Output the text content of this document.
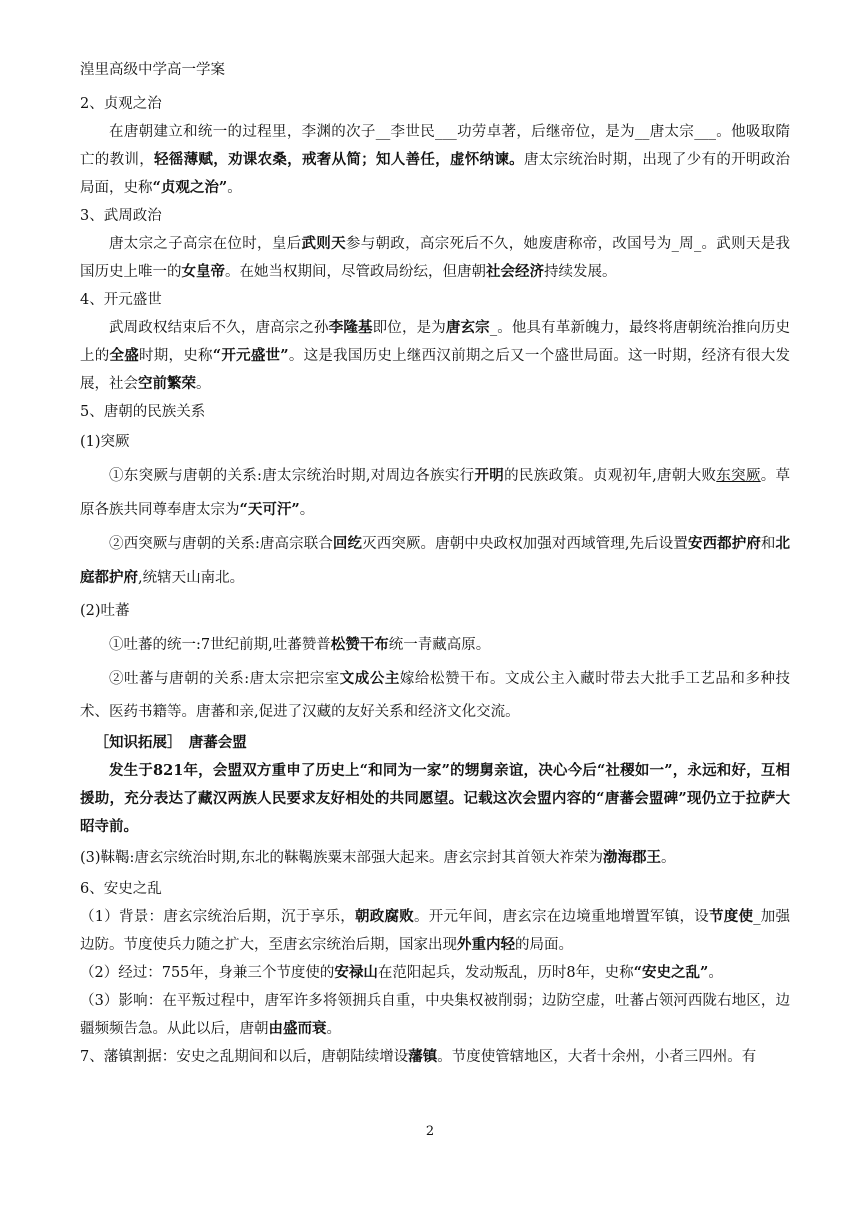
湟里高级中学高一学案
2、贞观之治

在唐朝建立和统一的过程里，李渊的次子__李世民___功劳卓著，后继帝位，是为__唐太宗___。他吸取隋亡的教训，轻徭薄赋，劝课农桑，戒奢从简；知人善任，虚怀纳谏。唐太宗统治时期，出现了少有的开明政治局面，史称“贞观之治”。

3、武周政治

唐太宗之子高宗在位时，皇后武则天参与朝政，高宗死后不久，她废唐称帝，改国号为_周_。武则天是我国历史上唯一的女皇帝。在她当权期间，尽管政局纷纭，但唐朝社会经济持续发展。

4、开元盛世

武周政权结束后不久，唐高宗之孙李隆基即位，是为唐玄宗_。他具有革新魄力，最终将唐朝统治推向历史上的全盛时期，史称“开元盛世”。这是我国历史上继西汉前期之后又一个盛世局面。这一时期，经济有很大发展，社会空前繁荣。

5、唐朝的民族关系
(1)突厥

①东突厥与唐朝的关系:唐太宗统治时期,对周边各族实行开明的民族政策。贞观初年,唐朝大败东突厥。草原各族共同尊奉唐太宗为“天可汗”。

②西突厥与唐朝的关系:唐高宗联合回纥灭西突厥。唐朝中央政权加强对西域管理,先后设置安西都护府和北庭都护府,统辖天山南北。

(2)吐蕃

①吐蕃的统一:7世纪前期,吐蕃赞普松赞干布统一青藏高原。

②吐蕃与唐朝的关系:唐太宗把宗室文成公主嫁给松赞干布。文成公主入藏时带去大批手工艺品和多种技术、医药书籍等。唐蕃和亲,促进了汉藏的友好关系和经济文化交流。

［知识拓展］　唐蕃会盟

发生于821年，会盟双方重申了历史上“和同为一家”的甥舅亲谊，决心今后“社稷如一”，永远和好，互相援助，充分表达了藏汉两族人民要求友好相处的共同愿望。记载这次会盟内容的“唐蕃会盟碑”现仍立于拉萨大昭寺前。

(3)靺鞨:唐玄宗统治时期,东北的靺鞨族粟末部强大起来。唐玄宗封其首领大祚荣为渤海郡王。
6、安史之乱

（1）背景：唐玄宗统治后期，沉于享乐，朝政腐败。开元年间，唐玄宗在边境重地增置军镇，设节度使_加强边防。节度使兵力随之扩大，至唐玄宗统治后期，国家出现外重内轻的局面。

（2）经过：755年，身兼三个节度使的安禄山在范阳起兵，发动叛乱，历时8年，史称“安史之乱”。

（3）影响：在平叛过程中，唐军许多将领拥兵自重，中央集权被削弱；边防空虚，吐蕃占领河西陇右地区，边疆频频告急。从此以后，唐朝由盛而衰。

7、藩镇割据：安史之乱期间和以后，唐朝陆续增设藩镇。节度使管辖地区，大者十余州，小者三四州。有

2
